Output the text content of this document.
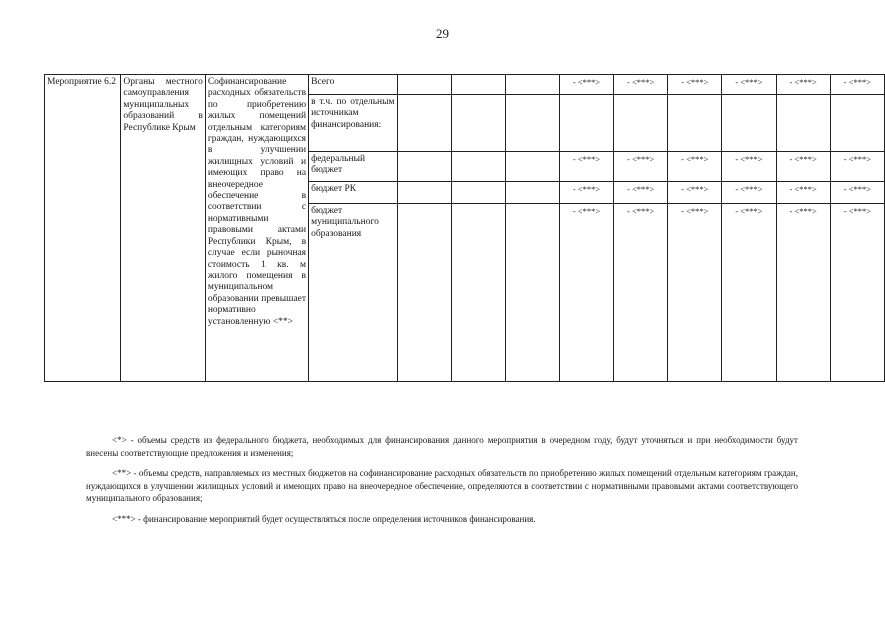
29
Мероприятие 6.2	Органы местного самоуправления муниципальных образований в Республике Крым	Софинансирование расходных обязательств по приобретению жилых помещений отдельным категориям граждан, нуждающихся в улучшении жилищных условий и имеющих право на внеочередное обеспечение в соответствии с нормативными правовыми актами Республики Крым, в случае если рыночная стоимость 1 кв. м жилого помещения в муниципальном образовании превышает нормативно установленную <**>	Всего				- <***>	- <***>	- <***>	- <***>	- <***>	- <***>
			в т.ч. по отдельным источникам финансирования:									
			федеральный бюджет				- <***>	- <***>	- <***>	- <***>	- <***>	- <***>
			бюджет РК				- <***>	- <***>	- <***>	- <***>	- <***>	- <***>
			бюджет муниципального образования				- <***>	- <***>	- <***>	- <***>	- <***>	- <***>

<*> - объемы средств из федерального бюджета, необходимых для финансирования данного мероприятия в очередном году, будут уточняться и при необходимости будут внесены соответствующие предложения и изменения;

<**> - объемы средств, направляемых из местных бюджетов на софинансирование расходных обязательств по приобретению жилых помещений отдельным категориям граждан, нуждающихся в улучшении жилищных условий и имеющих право на внеочередное обеспечение, определяются в соответствии с нормативными правовыми актами соответствующего муниципального образования;

<***> - финансирование мероприятий будет осуществляться после определения источников финансирования.
